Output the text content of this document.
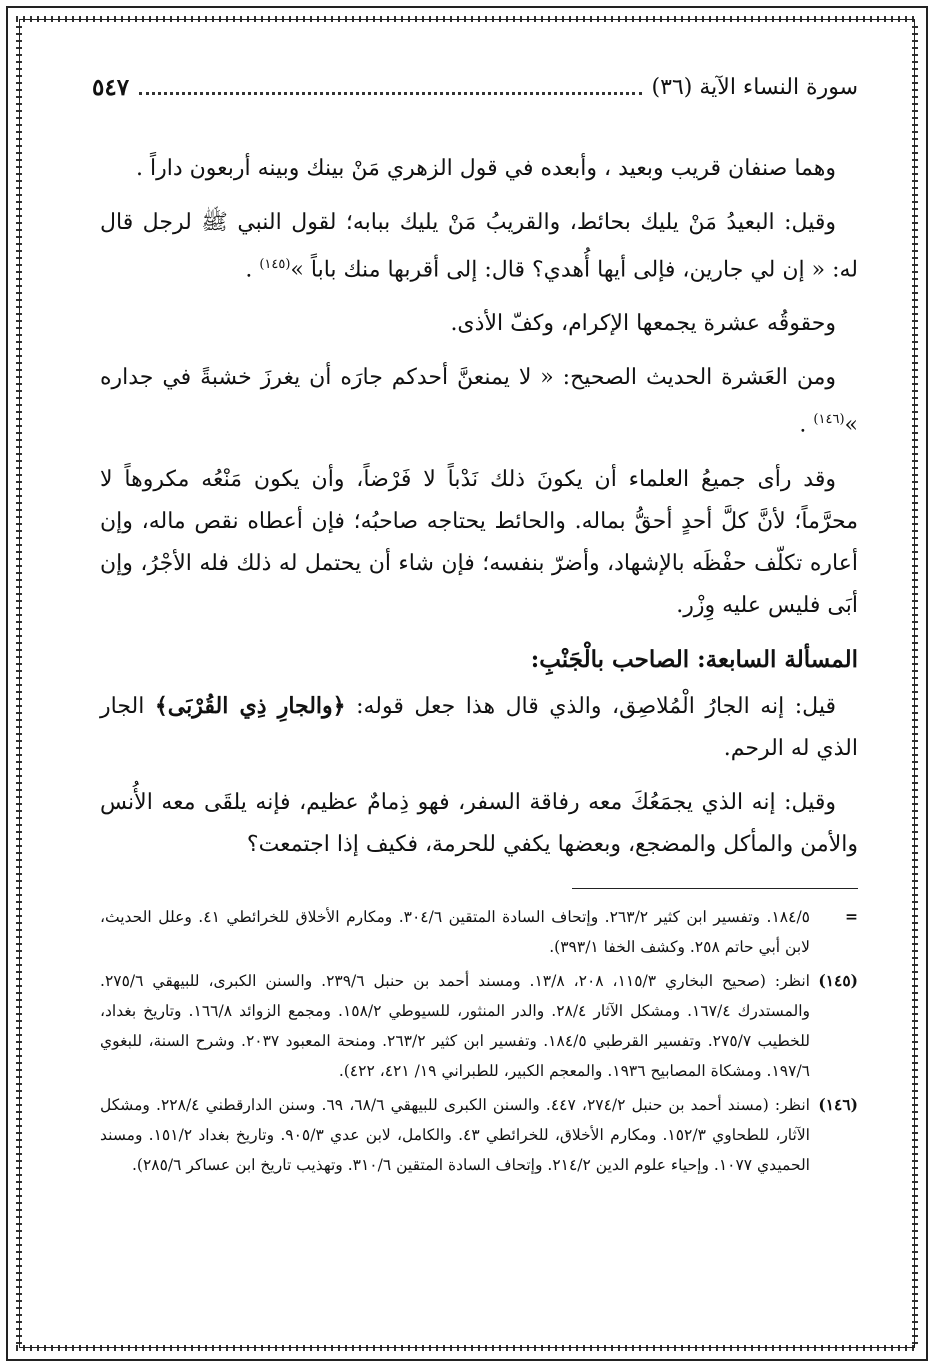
سورة النساء الآية (٣٦)
٥٤٧

وهما صنفان قريب وبعيد ، وأبعده في قول الزهري مَنْ بينك وبينه أربعون داراً .

وقيل: البعيدُ مَنْ يليك بحائط، والقريبُ مَنْ يليك ببابه؛ لقول النبي ﷺ لرجل قال له: « إن لي جارين، فإلى أيها أُهدي؟ قال: إلى أقربها منك باباً »$^{(١٤٥)}$ .

وحقوقُه عشرة يجمعها الإكرام، وكفّ الأذى.

ومن العَشرة الحديث الصحيح: « لا يمنعنَّ أحدكم جارَه أن يغرزَ خشبةً في جداره »$^{(١٤٦)}$ .

وقد رأى جميعُ العلماء أن يكونَ ذلك نَدْباً لا فَرْضاً، وأن يكون مَنْعُه مكروهاً لا محرَّماً؛ لأنَّ كلَّ أحدٍ أحقُّ بماله. والحائط يحتاجه صاحبُه؛ فإن أعطاه نقص ماله، وإن أعاره تكلّف حفْظَه بالإشهاد، وأضرّ بنفسه؛ فإن شاء أن يحتمل له ذلك فله الأجْرُ، وإن أبَى فليس عليه وِزْر.

المسألة السابعة: الصاحب بالْجَنْبِ:

قيل: إنه الجارُ الْمُلاصِق، والذي قال هذا جعل قوله: ﴿والجارِ ذِي القُرْبَى﴾ الجار الذي له الرحم.

وقيل: إنه الذي يجمَعُكَ معه رفاقة السفر، فهو ذِمامٌ عظيم، فإنه يلقَى معه الأُنس والأمن والمأكل والمضجع، وبعضها يكفي للحرمة، فكيف إذا اجتمعت؟

=
١٨٤/٥. وتفسير ابن كثير ٢٦٣/٢. وإتحاف السادة المتقين ٣٠٤/٦. ومكارم الأخلاق للخرائطي ٤١. وعلل الحديث، لابن أبي حاتم ٢٥٨. وكشف الخفا ٣٩٣/١).
(١٤٥)
انظر: (صحيح البخاري ١١٥/٣، ٢٠٨، ١٣/٨. ومسند أحمد بن حنبل ٢٣٩/٦. والسنن الكبرى، للبيهقي ٢٧٥/٦. والمستدرك ١٦٧/٤. ومشكل الآثار ٢٨/٤. والدر المنثور، للسيوطي ١٥٨/٢. ومجمع الزوائد ١٦٦/٨. وتاريخ بغداد، للخطيب ٢٧٥/٧. وتفسير القرطبي ١٨٤/٥. وتفسير ابن كثير ٢٦٣/٢. ومنحة المعبود ٢٠٣٧. وشرح السنة، للبغوي ١٩٧/٦. ومشكاة المصابيح ١٩٣٦. والمعجم الكبير، للطبراني ١٩/ ٤٢١، ٤٢٢).
(١٤٦)
انظر: (مسند أحمد بن حنبل ٢٧٤/٢، ٤٤٧. والسنن الكبرى للبيهقي ٦٨/٦، ٦٩. وسنن الدارقطني ٢٢٨/٤. ومشكل الآثار، للطحاوي ١٥٢/٣. ومكارم الأخلاق، للخرائطي ٤٣. والكامل، لابن عدي ٩٠٥/٣. وتاريخ بغداد ١٥١/٢. ومسند الحميدي ١٠٧٧. وإحياء علوم الدين ٢١٤/٢. وإتحاف السادة المتقين ٣١٠/٦. وتهذيب تاريخ ابن عساكر ٢٨٥/٦).
